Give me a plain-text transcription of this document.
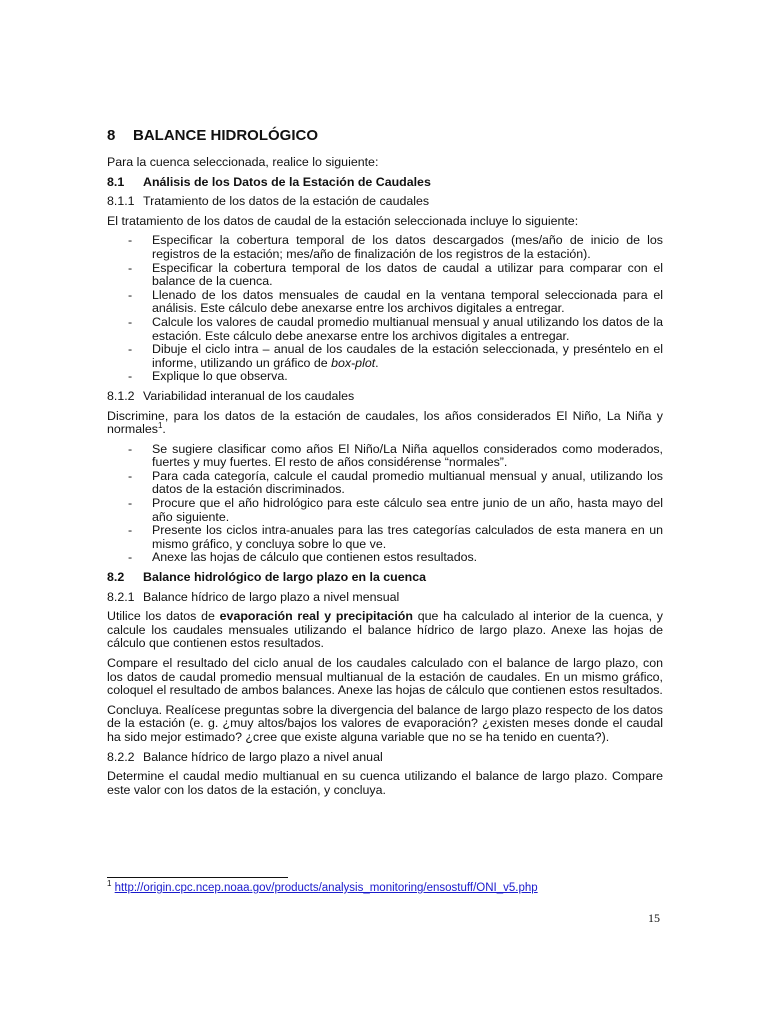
8 BALANCE HIDROLÓGICO

Para la cuenca seleccionada, realice lo siguiente:

8.1 Análisis de los Datos de la Estación de Caudales
8.1.1 Tratamiento de los datos de la estación de caudales

El tratamiento de los datos de caudal de la estación seleccionada incluye lo siguiente:

- Especificar la cobertura temporal de los datos descargados (mes/año de inicio de los registros de la estación; mes/año de finalización de los registros de la estación).
- Especificar la cobertura temporal de los datos de caudal a utilizar para comparar con el balance de la cuenca.
- Llenado de los datos mensuales de caudal en la ventana temporal seleccionada para el análisis. Este cálculo debe anexarse entre los archivos digitales a entregar.
- Calcule los valores de caudal promedio multianual mensual y anual utilizando los datos de la estación. Este cálculo debe anexarse entre los archivos digitales a entregar.
- Dibuje el ciclo intra – anual de los caudales de la estación seleccionada, y preséntelo en el informe, utilizando un gráfico de box-plot.
- Explique lo que observa.
8.1.2 Variabilidad interanual de los caudales

Discrimine, para los datos de la estación de caudales, los años considerados El Niño, La Niña y normales$^1$.

- Se sugiere clasificar como años El Niño/La Niña aquellos considerados como moderados, fuertes y muy fuertes. El resto de años considérense “normales”.
- Para cada categoría, calcule el caudal promedio multianual mensual y anual, utilizando los datos de la estación discriminados.
- Procure que el año hidrológico para este cálculo sea entre junio de un año, hasta mayo del año siguiente.
- Presente los ciclos intra-anuales para las tres categorías calculados de esta manera en un mismo gráfico, y concluya sobre lo que ve.
- Anexe las hojas de cálculo que contienen estos resultados.
8.2 Balance hidrológico de largo plazo en la cuenca
8.2.1 Balance hídrico de largo plazo a nivel mensual

Utilice los datos de evaporación real y precipitación que ha calculado al interior de la cuenca, y calcule los caudales mensuales utilizando el balance hídrico de largo plazo. Anexe las hojas de cálculo que contienen estos resultados.

Compare el resultado del ciclo anual de los caudales calculado con el balance de largo plazo, con los datos de caudal promedio mensual multianual de la estación de caudales. En un mismo gráfico, coloquel el resultado de ambos balances. Anexe las hojas de cálculo que contienen estos resultados.

Concluya. Realícese preguntas sobre la divergencia del balance de largo plazo respecto de los datos de la estación (e. g. ¿muy altos/bajos los valores de evaporación? ¿existen meses donde el caudal ha sido mejor estimado? ¿cree que existe alguna variable que no se ha tenido en cuenta?).

8.2.2 Balance hídrico de largo plazo a nivel anual

Determine el caudal medio multianual en su cuenca utilizando el balance de largo plazo. Compare este valor con los datos de la estación, y concluya.

$^1$ http://origin.cpc.ncep.noaa.gov/products/analysis_monitoring/ensostuff/ONI_v5.php
15
